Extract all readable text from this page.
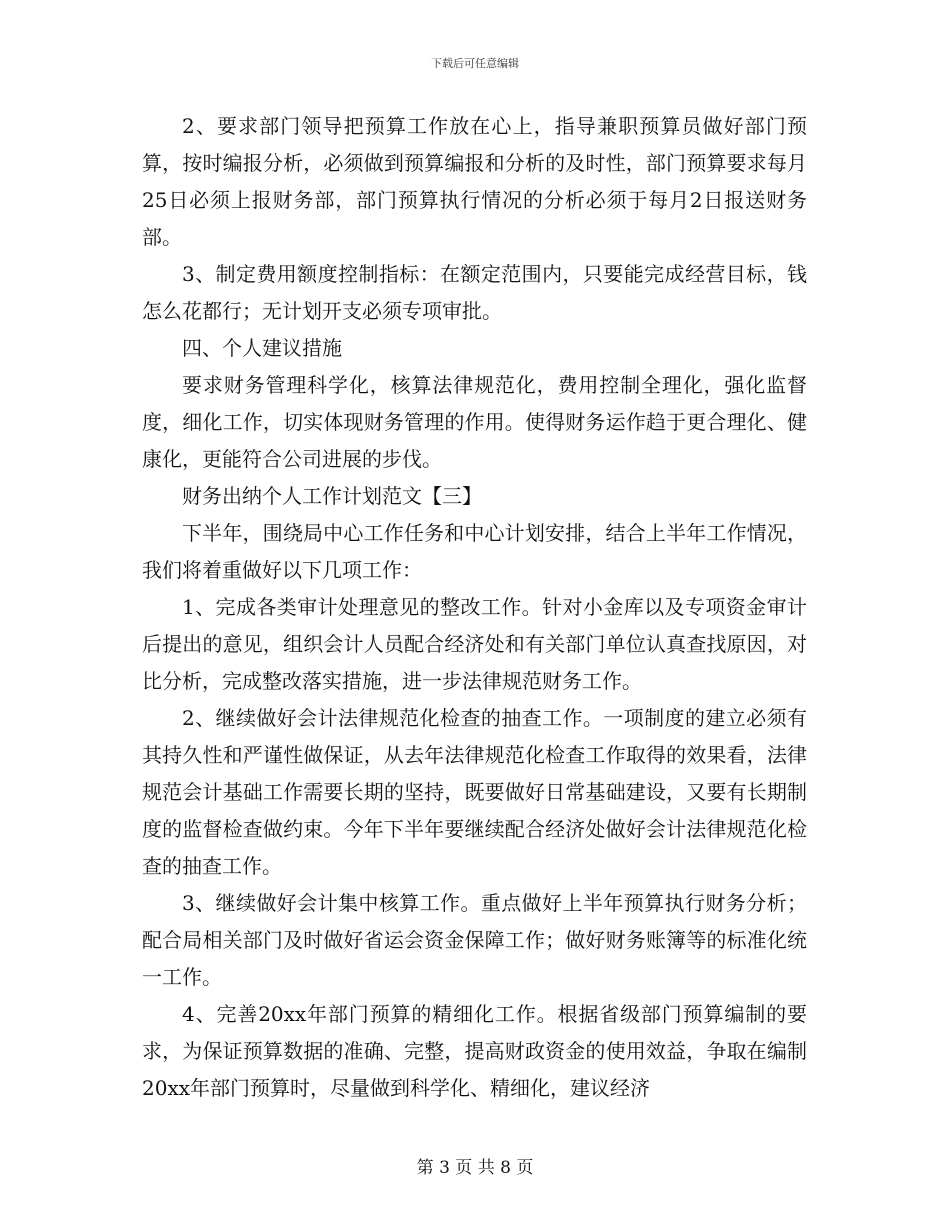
下载后可任意编辑

2、要求部门领导把预算工作放在心上，指导兼职预算员做好部门预算，按时编报分析，必须做到预算编报和分析的及时性，部门预算要求每月25日必须上报财务部，部门预算执行情况的分析必须于每月2日报送财务部。

3、制定费用额度控制指标：在额定范围内，只要能完成经营目标，钱怎么花都行；无计划开支必须专项审批。

四、个人建议措施

要求财务管理科学化，核算法律规范化，费用控制全理化，强化监督度，细化工作，切实体现财务管理的作用。使得财务运作趋于更合理化、健康化，更能符合公司进展的步伐。

财务出纳个人工作计划范文【三】

下半年，围绕局中心工作任务和中心计划安排，结合上半年工作情况，我们将着重做好以下几项工作：

1、完成各类审计处理意见的整改工作。针对小金库以及专项资金审计后提出的意见，组织会计人员配合经济处和有关部门单位认真查找原因，对比分析，完成整改落实措施，进一步法律规范财务工作。

2、继续做好会计法律规范化检查的抽查工作。一项制度的建立必须有其持久性和严谨性做保证，从去年法律规范化检查工作取得的效果看，法律规范会计基础工作需要长期的坚持，既要做好日常基础建设，又要有长期制度的监督检查做约束。今年下半年要继续配合经济处做好会计法律规范化检查的抽查工作。

3、继续做好会计集中核算工作。重点做好上半年预算执行财务分析；配合局相关部门及时做好省运会资金保障工作；做好财务账簿等的标准化统一工作。

4、完善20xx年部门预算的精细化工作。根据省级部门预算编制的要求，为保证预算数据的准确、完整，提高财政资金的使用效益，争取在编制20xx年部门预算时，尽量做到科学化、精细化，建议经济

第 3 页 共 8 页
